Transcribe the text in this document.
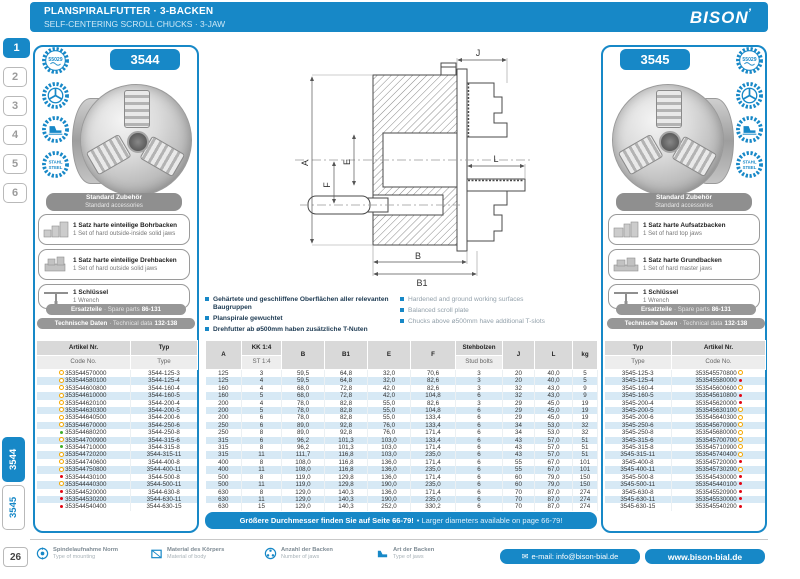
PLANSPIRALFUTTER · 3-BACKEN
SELF-CENTERING SCROLL CHUCKS · 3-JAW	BISON’
1
2
3
4
5
6
3544
3545
26
3544	3545
55029
STAHL
STEEL
55029
STAHL
STEEL
Standard Zubehör
Standard accessories
1 Satz harte einteilige Bohrbacken
1 Set of hard outside-inside solid jaws
1 Satz harte einteilige Drehbacken
1 Set of hard outside solid jaws
1 Schlüssel
1 Wrench
Ersatzteile · Spare parts 86-131
Technische Daten · Technical data 132-138
Standard Zubehör
Standard accessories
1 Satz harte Aufsatzbacken
1 Set of hard top jaws
1 Satz harte Grundbacken
1 Set of hard master jaws
1 Schlüssel
1 Wrench
Ersatzteile · Spare parts 86-131
Technische Daten · Technical data 132-138
J
A
F
E	L
B
B1
Gehärtete und geschliffene Oberflächen aller relevanten Baugruppen
Planspirale gewuchtet
Drehfutter ab ø500mm haben zusätzliche T-Nuten
Hardened and ground working surfaces
Balanced scroll plate
Chucks above ø500mm have additional T-slots
Artikel Nr.	Typ
Code No.	Type
353544570000	3544-125-3
353544580100	3544-125-4
353544600800	3544-160-4
353544610000	3544-160-5
353544620100	3544-200-4
353544630300	3544-200-5
353544640500	3544-200-6
353544670000	3544-250-6
353544680200	3544-250-8
353544700900	3544-315-6
353544710000	3544-315-8
353544720200	3544-315-11
353544740600	3544-400-8
353544750800	3544-400-11
353544430100	3544-500-8
353544440300	3544-500-11
353544520000	3544-630-8
353544530200	3544-630-11
353544540400	3544-630-15
A	KK 1:4	B	B1	E	F	Stehbolzen	J	L	kg
	ST 1:4					Stud bolts			
125	3	59,5	64,8	32,0	70,6	3	20	40,0	5
125	4	59,5	64,8	32,0	82,6	3	20	40,0	5
160	4	68,0	72,8	42,0	82,6	3	32	43,0	9
160	5	68,0	72,8	42,0	104,8	6	32	43,0	9
200	4	78,0	82,8	55,0	82,6	3	29	45,0	19
200	5	78,0	82,8	55,0	104,8	6	29	45,0	19
200	6	78,0	82,8	55,0	133,4	6	29	45,0	19
250	6	89,0	92,8	76,0	133,4	6	34	53,0	32
250	8	89,0	92,8	76,0	171,4	6	34	53,0	32
315	6	96,2	101,3	103,0	133,4	6	43	57,0	51
315	8	96,2	101,3	103,0	171,4	6	43	57,0	51
315	11	111,7	116,8	103,0	235,0	6	43	57,0	51
400	8	108,0	116,8	136,0	171,4	6	55	67,0	101
400	11	108,0	116,8	136,0	235,0	6	55	67,0	101
500	8	119,0	129,8	136,0	171,4	6	60	79,0	150
500	11	119,0	129,8	190,0	235,0	6	60	79,0	150
630	8	129,0	140,3	136,0	171,4	6	70	87,0	274
630	11	129,0	140,3	190,0	235,0	6	70	87,0	274
630	15	129,0	140,3	252,0	330,2	6	70	87,0	274
Typ	Artikel Nr.
Type	Code No.
3545-125-3	353545570800
3545-125-4	353545580000
3545-160-4	353545600600
3545-160-5	353545610800
3545-200-4	353545620000
3545-200-5	353545630100
3545-200-6	353545640300
3545-250-6	353545670900
3545-250-8	353545680000
3545-315-6	353545700700
3545-315-8	353545710900
3545-315-11	353545740400
3545-400-8	353545720000
3545-400-11	353545730200
3545-500-8	353545430000
3545-500-11	353545440100
3545-630-8	353545520900
3545-630-11	353545530000
3545-630-15	353545540200
Größere Durchmesser finden Sie auf Seite 66-79! • Larger diameters available on page 66-79!
Spindelaufnahme Norm
Type of mounting
Material des Körpers
Material of body
Anzahl der Backen
Number of jaws
Art der Backen
Type of jaws	✉ e-mail: info@bison-bial.de	www.bison-bial.de
